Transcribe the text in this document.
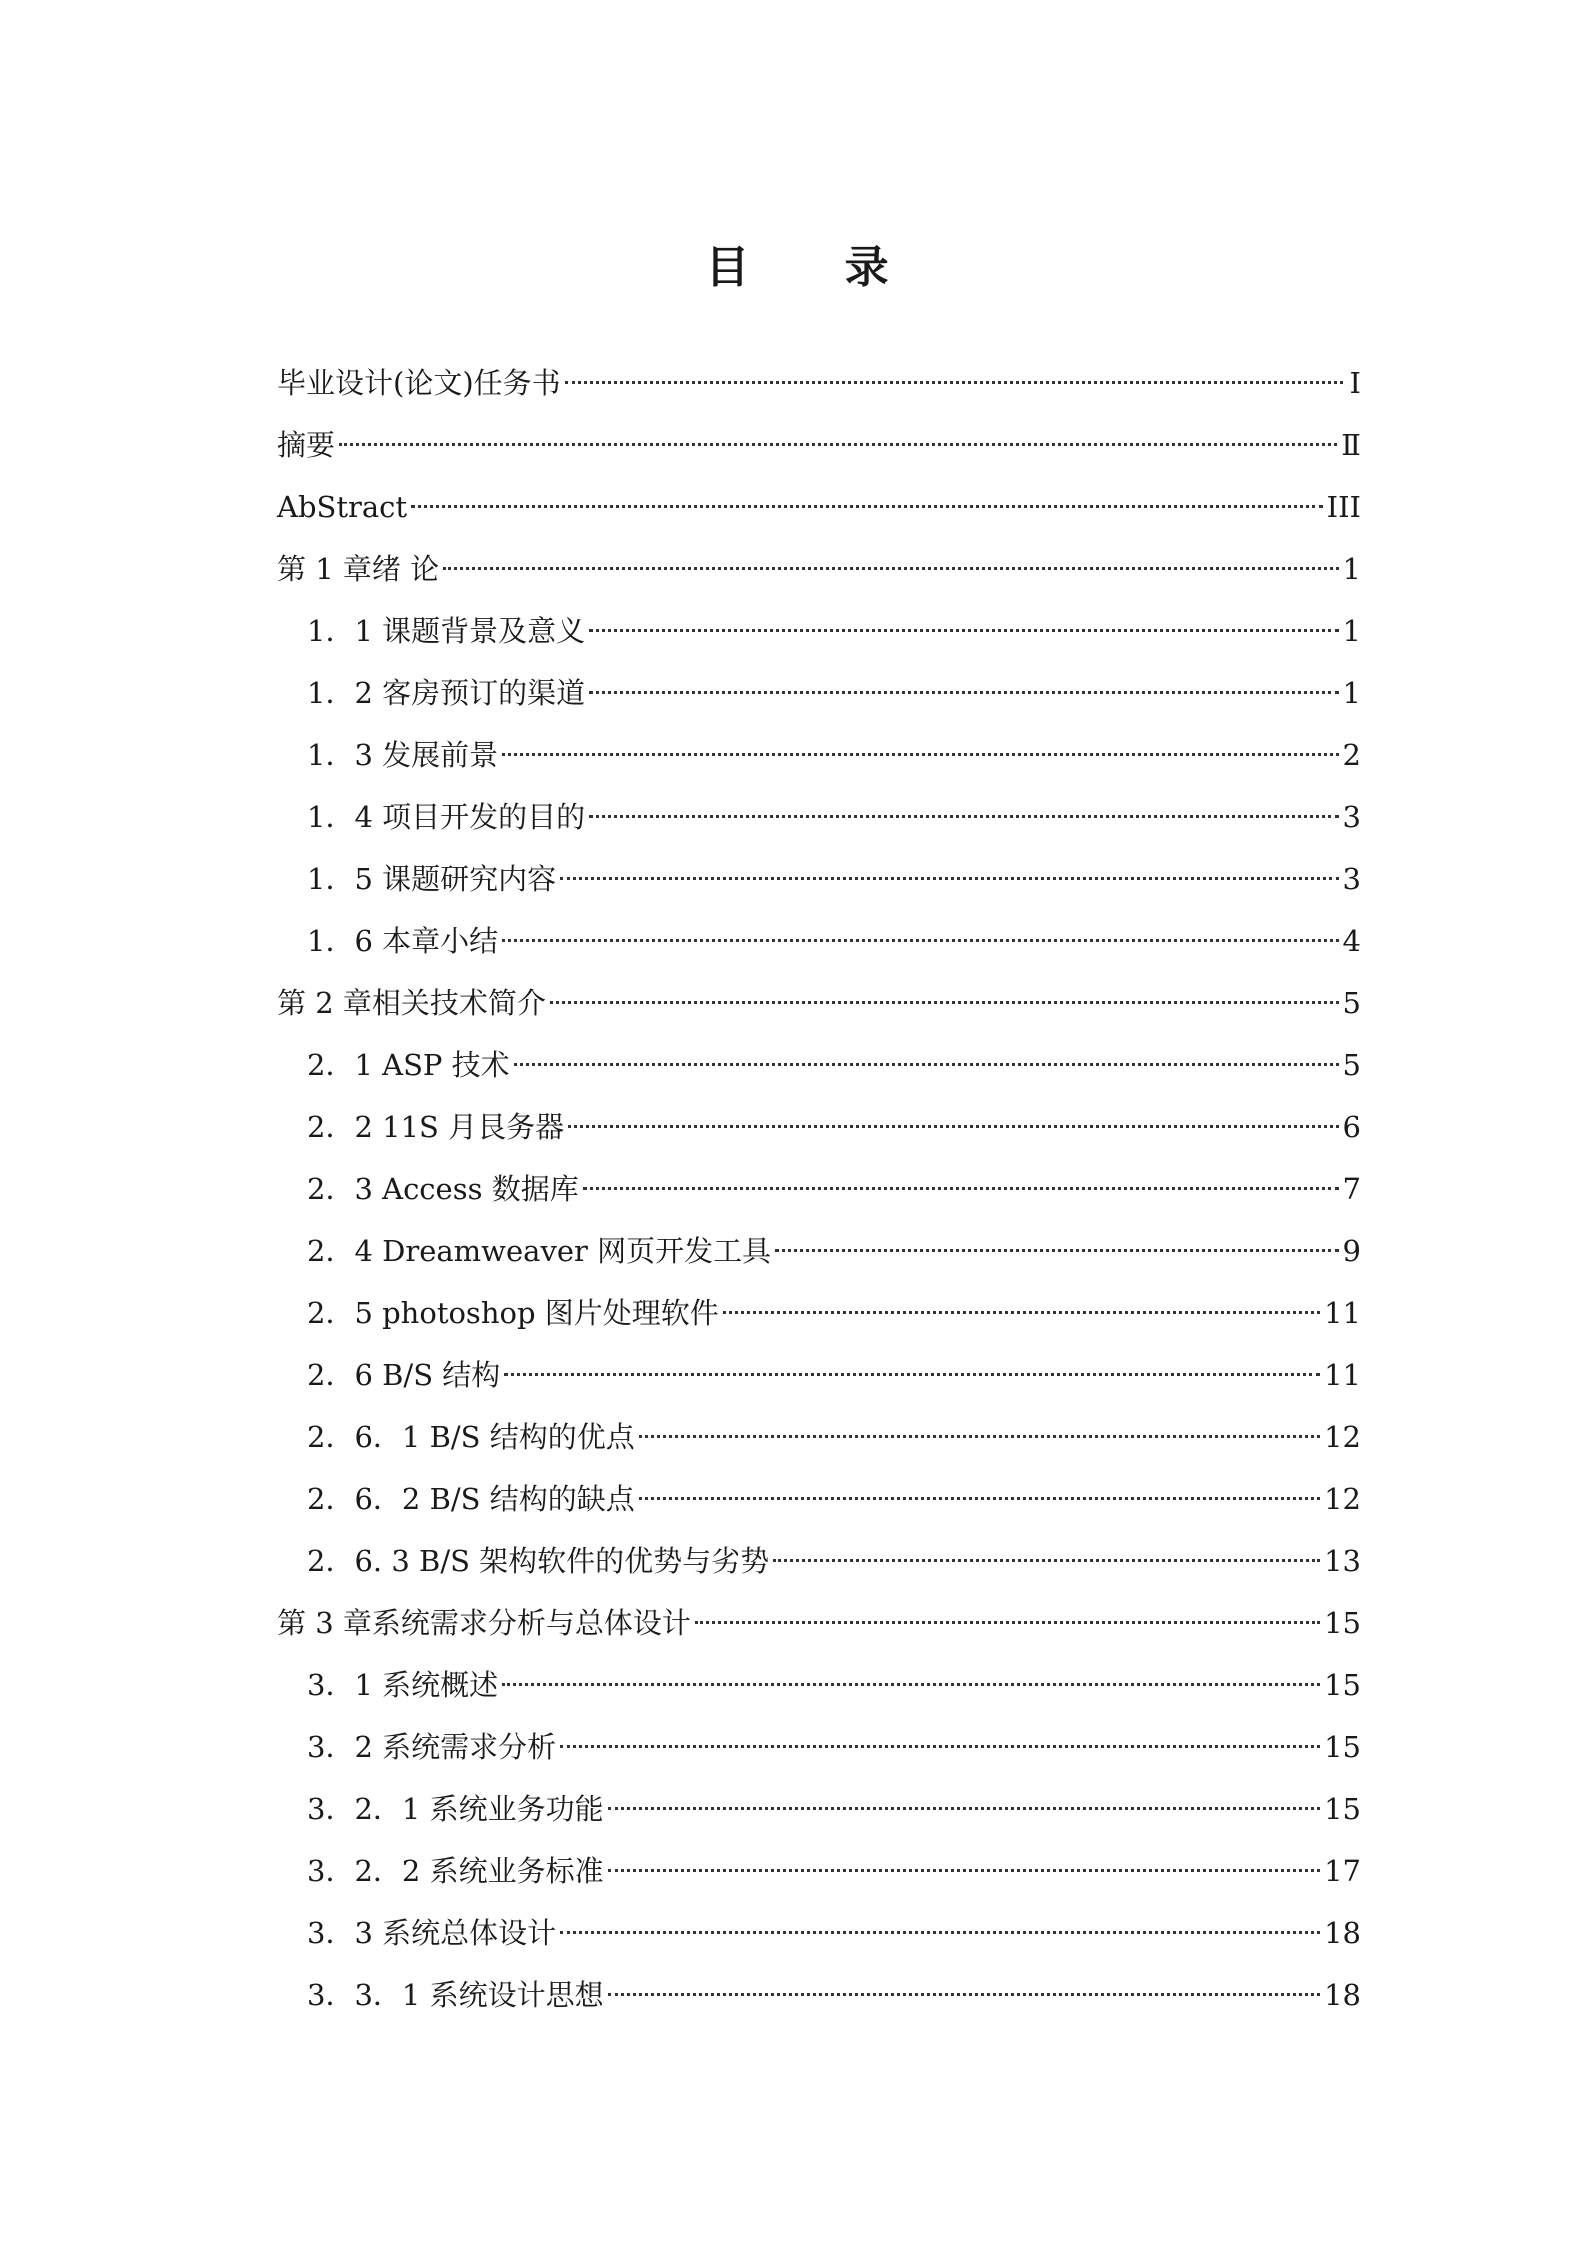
目 录
毕业设计(论文)任务书	I
摘要	Ⅱ
AbStract	III
第 1 章绪 论	1
1．1 课题背景及意义	1
1．2 客房预订的渠道	1
1．3 发展前景	2
1．4 项目开发的目的	3
1．5 课题研究内容	3
1．6 本章小结	4
第 2 章相关技术简介	5
2．1 ASP 技术	5
2．2 11S 月艮务器	6
2．3 Access 数据库	7
2．4 Dreamweaver 网页开发工具	9
2．5 photoshop 图片处理软件	11
2．6 B/S 结构	11
2．6．1 B/S 结构的优点	12
2．6．2 B/S 结构的缺点	12
2．6. 3 B/S 架构软件的优势与劣势	13
第 3 章系统需求分析与总体设计	15
3．1 系统概述	15
3．2 系统需求分析	15
3．2．1 系统业务功能	15
3．2．2 系统业务标准	17
3．3 系统总体设计	18
3．3．1 系统设计思想	18
